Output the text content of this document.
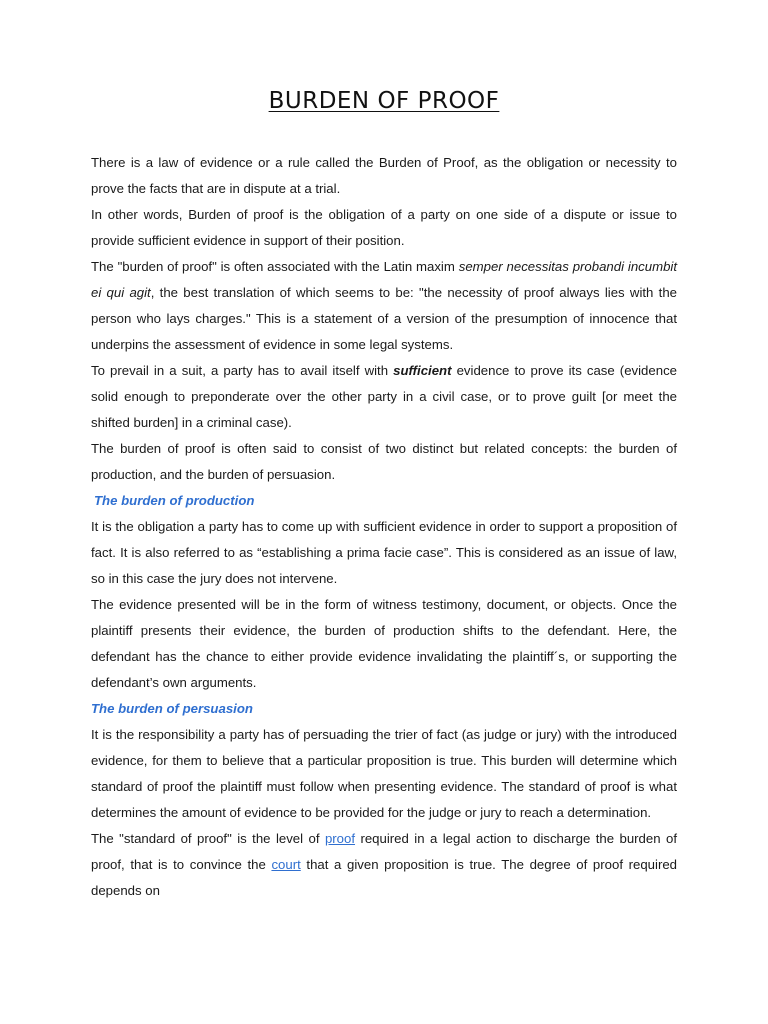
BURDEN OF PROOF

There is a law of evidence or a rule called the Burden of Proof, as the obligation or necessity to prove the facts that are in dispute at a trial.

In other words, Burden of proof is the obligation of a party on one side of a dispute or issue to provide sufficient evidence in support of their position.

The "burden of proof" is often associated with the Latin maxim semper necessitas probandi incumbit ei qui agit, the best translation of which seems to be: "the necessity of proof always lies with the person who lays charges." This is a statement of a version of the presumption of innocence that underpins the assessment of evidence in some legal systems.

To prevail in a suit, a party has to avail itself with sufficient evidence to prove its case (evidence solid enough to preponderate over the other party in a civil case, or to prove guilt [or meet the shifted burden] in a criminal case).

The burden of proof is often said to consist of two distinct but related concepts: the burden of production, and the burden of persuasion.

The burden of production

It is the obligation a party has to come up with sufficient evidence in order to support a proposition of fact. It is also referred to as “establishing a prima facie case”. This is considered as an issue of law, so in this case the jury does not intervene.

The evidence presented will be in the form of witness testimony, document, or objects. Once the plaintiff presents their evidence, the burden of production shifts to the defendant. Here, the defendant has the chance to either provide evidence invalidating the plaintiff´s, or supporting the defendant’s own arguments.

The burden of persuasion

It is the responsibility a party has of persuading the trier of fact (as judge or jury) with the introduced evidence, for them to believe that a particular proposition is true. This burden will determine which standard of proof the plaintiff must follow when presenting evidence. The standard of proof is what determines the amount of evidence to be provided for the judge or jury to reach a determination.

The "standard of proof" is the level of proof required in a legal action to discharge the burden of proof, that is to convince the court that a given proposition is true. The degree of proof required depends on
